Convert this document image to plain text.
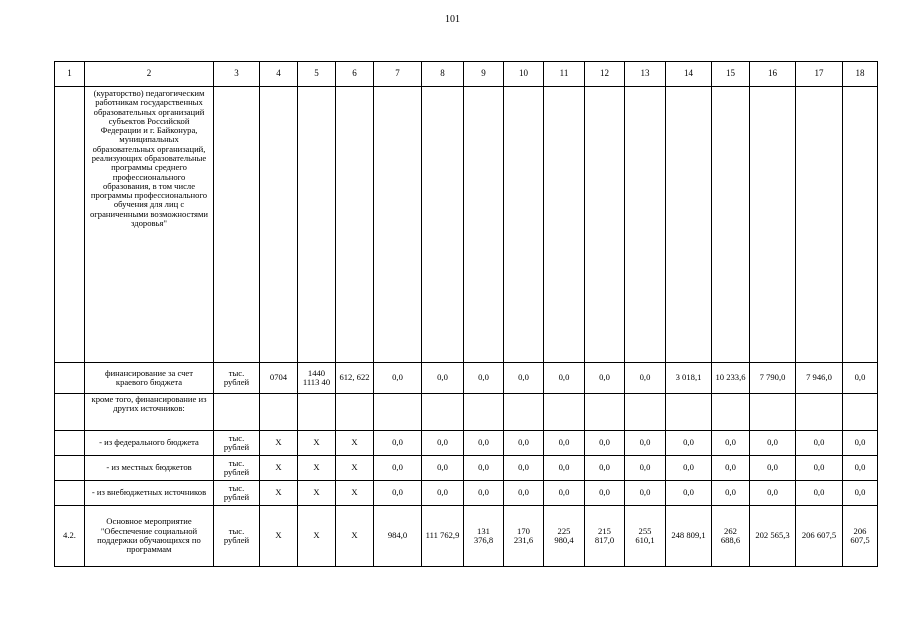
101
1	2	3	4	5	6	7	8	9	10	11	12	13	14	15	16	17	18
	(кураторство) педагогическим работникам государственных образовательных организаций субъектов Российской Федерации и г. Байконура, муниципальных образовательных организаций, реализующих образовательные программы среднего профессионального образования, в том числе программы профессионального обучения для лиц с ограниченными возможностями здоровья"																
	финансирование за счет краевого бюджета	тыс. рублей	0704	1440 1113 40	612, 622	0,0	0,0	0,0	0,0	0,0	0,0	0,0	3 018,1	10 233,6	7 790,0	7 946,0	0,0
	кроме того, финансирование из других источников:																
	- из федерального бюджета	тыс. рублей	X	X	X	0,0	0,0	0,0	0,0	0,0	0,0	0,0	0,0	0,0	0,0	0,0	0,0
	- из местных бюджетов	тыс. рублей	X	X	X	0,0	0,0	0,0	0,0	0,0	0,0	0,0	0,0	0,0	0,0	0,0	0,0
	- из внебюджетных источников	тыс. рублей	X	X	X	0,0	0,0	0,0	0,0	0,0	0,0	0,0	0,0	0,0	0,0	0,0	0,0
4.2.	Основное мероприятие "Обеспечение социальной поддержки обучающихся по программам	тыс. рублей	X	X	X	984,0	111 762,9	131 376,8	170 231,6	225 980,4	215 817,0	255 610,1	248 809,1	262 688,6	202 565,3	206 607,5	206 607,5
